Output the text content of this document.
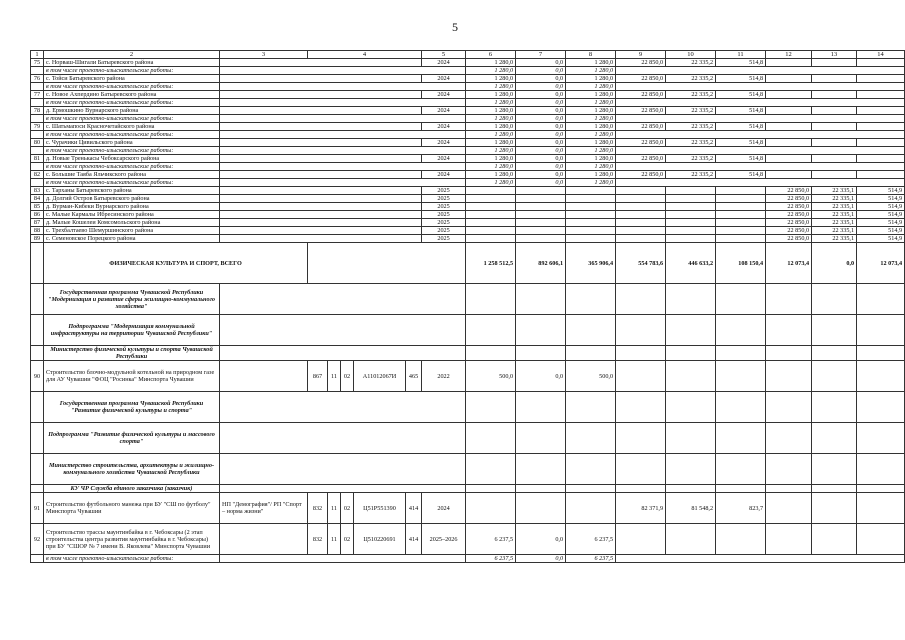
5
1	2	3	4					5	6	7	8	9	10	11	12	13	14
75	с. Норваш-Шигали Батыревского района							2024	1 280,0	0,0	1 280,0	22 850,0	22 335,2	514,8			
	в том числе проектно-изыскательские работы:								1 280,0	0,0	1 280,0						
76	с. Тойси Батыревского района							2024	1 280,0	0,0	1 280,0	22 850,0	22 335,2	514,8			
	в том числе проектно-изыскательские работы:								1 280,0	0,0	1 280,0						
77	с. Новое Ахпердино Батыревского района							2024	1 280,0	0,0	1 280,0	22 850,0	22 335,2	514,8			
	в том числе проектно-изыскательские работы:								1 280,0	0,0	1 280,0						
78	д. Ермошкино Вурнарского района							2024	1 280,0	0,0	1 280,0	22 850,0	22 335,2	514,8			
	в том числе проектно-изыскательские работы:								1 280,0	0,0	1 280,0						
79	с. Шатьмапоси Красночетайского района							2024	1 280,0	0,0	1 280,0	22 850,0	22 335,2	514,8			
	в том числе проектно-изыскательские работы:								1 280,0	0,0	1 280,0						
80	с. Чурачики Цивильского района							2024	1 280,0	0,0	1 280,0	22 850,0	22 335,2	514,8			
	в том числе проектно-изыскательские работы:								1 280,0	0,0	1 280,0						
81	д. Новые Тренькасы Чебоксарского района							2024	1 280,0	0,0	1 280,0	22 850,0	22 335,2	514,8			
	в том числе проектно-изыскательские работы:								1 280,0	0,0	1 280,0						
82	с. Большие Таяба Яльчикского района							2024	1 280,0	0,0	1 280,0	22 850,0	22 335,2	514,8			
	в том числе проектно-изыскательские работы:								1 280,0	0,0	1 280,0						
83	с. Тарханы Батыревского района							2025							22 850,0	22 335,1	514,9
84	д. Долгий Остров Батыревского района							2025							22 850,0	22 335,1	514,9
85	д. Вурман-Кибеки Вурнарского района							2025							22 850,0	22 335,1	514,9
86	с. Малые Кармалы Ибресинского района							2025							22 850,0	22 335,1	514,9
87	д. Малые Кошелеи Комсомольского района							2025							22 850,0	22 335,1	514,9
88	с. Трехбалтаево Шемуршинского района							2025							22 850,0	22 335,1	514,9
89	с. Семеновское Порецкого района							2025							22 850,0	22 335,1	514,9
	ФИЗИЧЕСКАЯ КУЛЬТУРА И СПОРТ, ВСЕГО								1 258 512,5	892 606,1	365 906,4	554 783,6	446 633,2	108 150,4	12 073,4	0,0	12 073,4
	Государственная программа Чувашской Республики "Модернизация и развитие сферы жилищно-коммунального хозяйства"																
	Подпрограмма "Модернизация коммунальной инфраструктуры на территории Чувашской Республики"																
	Министерство физической культуры и спорта Чувашской Республики																
90	Строительство блочно-модульной котельной на природном газе для АУ Чувашии "ФОЦ "Росинка" Минспорта Чувашии		867	11	02	А11012067И	465	2022	500,0	0,0	500,0						
	Государственная программа Чувашской Республики "Развитие физической культуры и спорта"																
	Подпрограмма "Развитие физической культуры и массового спорта"																
	Министерство строительства, архитектуры и жилищно-коммунального хозяйства Чувашской Республики																
	КУ ЧР Служба единого заказчика (заказчик)																
91	Строительство футбольного манежа при БУ "СШ по футболу" Минспорта Чувашии	НП "Демография"/ РП "Спорт – норма жизни"	832	11	02	Ц51Р551390	414	2024				82 371,9	81 548,2	823,7			
92	Строительство трассы маунтинбайка в г. Чебоксары (2 этап строительства центра развития маунтинбайка в г. Чебоксары) при БУ "СШОР № 7 имени В. Яковлева" Минспорта Чувашии		832	11	02	Ц510220691	414	2025–2026	6 237,5	0,0	6 237,5						
	в том числе проектно-изыскательские работы:								6 237,5	0,0	6 237,5						
